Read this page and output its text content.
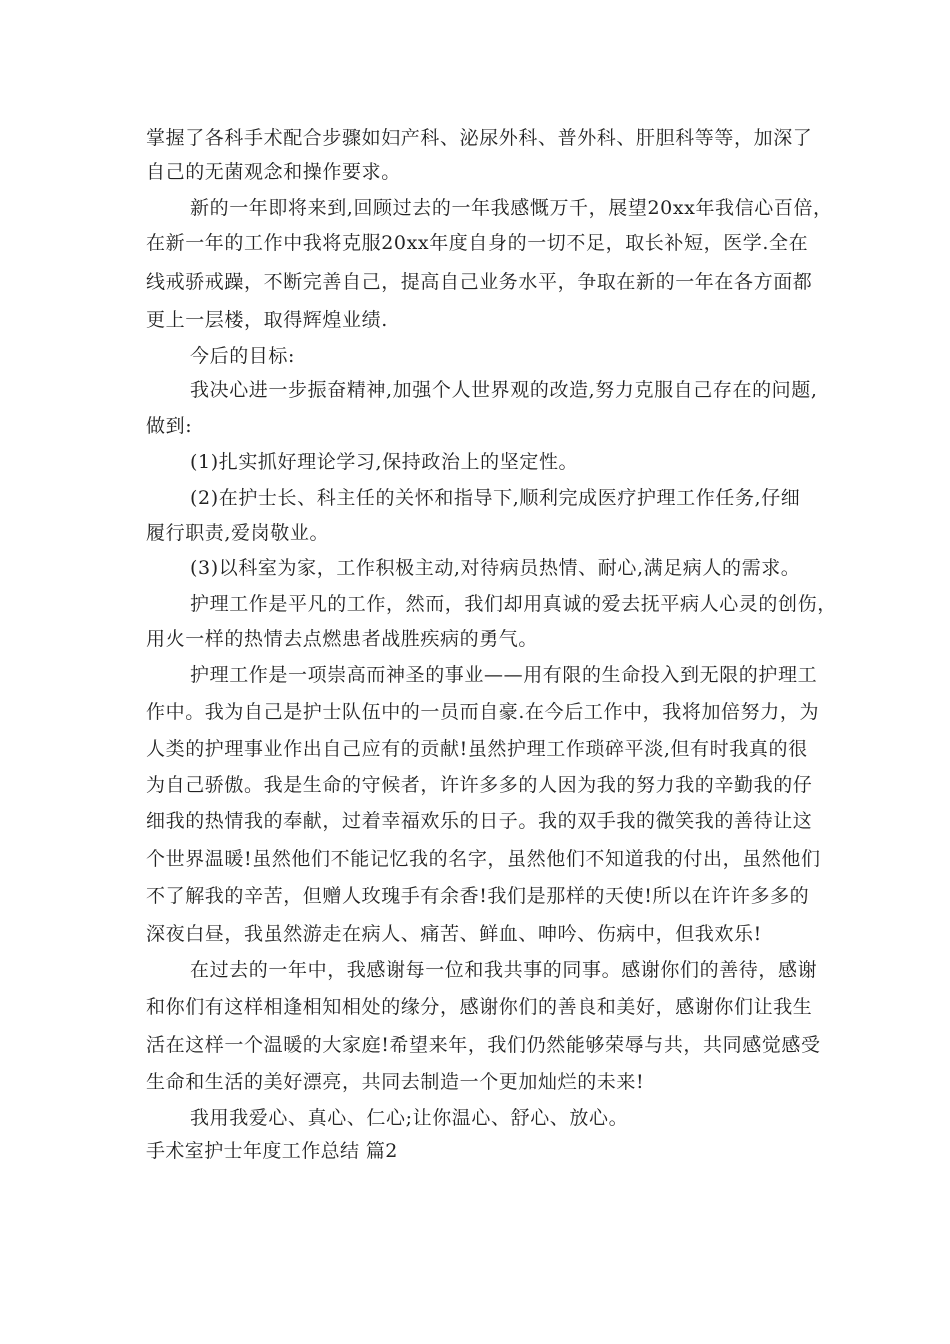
掌握了各科手术配合步骤如妇产科、泌尿外科、普外科、肝胆科等等，加深了
自己的无菌观念和操作要求。
新的一年即将来到,回顾过去的一年我感慨万千，展望20xx年我信心百倍，
在新一年的工作中我将克服20xx年度自身的一切不足，取长补短，医学.全在
线戒骄戒躁，不断完善自己，提高自己业务水平，争取在新的一年在各方面都
更上一层楼，取得辉煌业绩.
今后的目标:
我决心进一步振奋精神,加强个人世界观的改造,努力克服自己存在的问题,
做到:
(1)扎实抓好理论学习,保持政治上的坚定性。
(2)在护士长、科主任的关怀和指导下,顺利完成医疗护理工作任务,仔细
履行职责,爱岗敬业。
(3)以科室为家，工作积极主动,对待病员热情、耐心,满足病人的需求。
护理工作是平凡的工作，然而，我们却用真诚的爱去抚平病人心灵的创伤，
用火一样的热情去点燃患者战胜疾病的勇气。
护理工作是一项崇高而神圣的事业——用有限的生命投入到无限的护理工
作中。我为自己是护士队伍中的一员而自豪.在今后工作中，我将加倍努力，为
人类的护理事业作出自己应有的贡献!虽然护理工作琐碎平淡,但有时我真的很
为自己骄傲。我是生命的守候者，许许多多的人因为我的努力我的辛勤我的仔
细我的热情我的奉献，过着幸福欢乐的日子。我的双手我的微笑我的善待让这
个世界温暖!虽然他们不能记忆我的名字，虽然他们不知道我的付出，虽然他们
不了解我的辛苦，但赠人玫瑰手有余香!我们是那样的天使!所以在许许多多的
深夜白昼，我虽然游走在病人、痛苦、鲜血、呻吟、伤病中，但我欢乐!
在过去的一年中，我感谢每一位和我共事的同事。感谢你们的善待，感谢
和你们有这样相逢相知相处的缘分，感谢你们的善良和美好，感谢你们让我生
活在这样一个温暖的大家庭!希望来年，我们仍然能够荣辱与共，共同感觉感受
生命和生活的美好漂亮，共同去制造一个更加灿烂的未来!
我用我爱心、真心、仁心;让你温心、舒心、放心。
手术室护士年度工作总结 篇2
